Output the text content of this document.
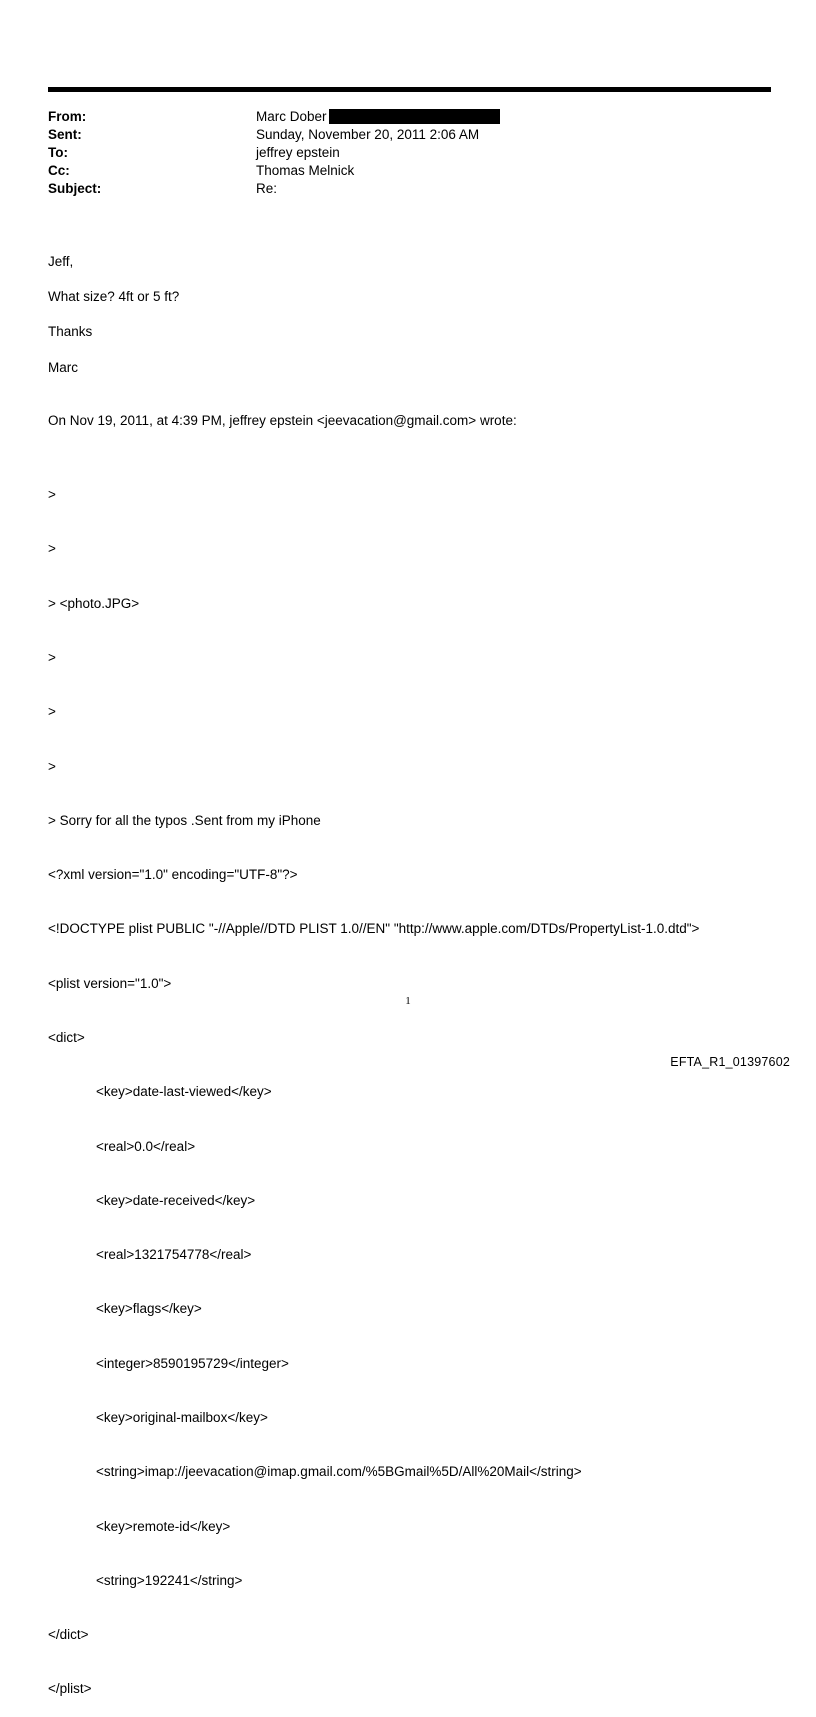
From:	Marc Dober
Sent:	Sunday, November 20, 2011 2:06 AM
To:	jeffrey epstein
Cc:	Thomas Melnick
Subject:	Re:
Jeff,
What size? 4ft or 5 ft?
Thanks
Marc
On Nov 19, 2011, at 4:39 PM, jeffrey epstein <jeevacation@gmail.com> wrote:

>

>

> <photo.JPG>

>

>

>

> Sorry for all the typos .Sent from my iPhone

<?xml version="1.0" encoding="UTF-8"?>

<!DOCTYPE plist PUBLIC "-//Apple//DTD PLIST 1.0//EN" "http://www.apple.com/DTDs/PropertyList-1.0.dtd">

<plist version="1.0">

<dict>

<key>date-last-viewed</key>

<real>0.0</real>

<key>date-received</key>

<real>1321754778</real>

<key>flags</key>

<integer>8590195729</integer>

<key>original-mailbox</key>

<string>imap://jeevacation@imap.gmail.com/%5BGmail%5D/All%20Mail</string>

<key>remote-id</key>

<string>192241</string>

</dict>

</plist>

1
EFTA_R1_01397602
